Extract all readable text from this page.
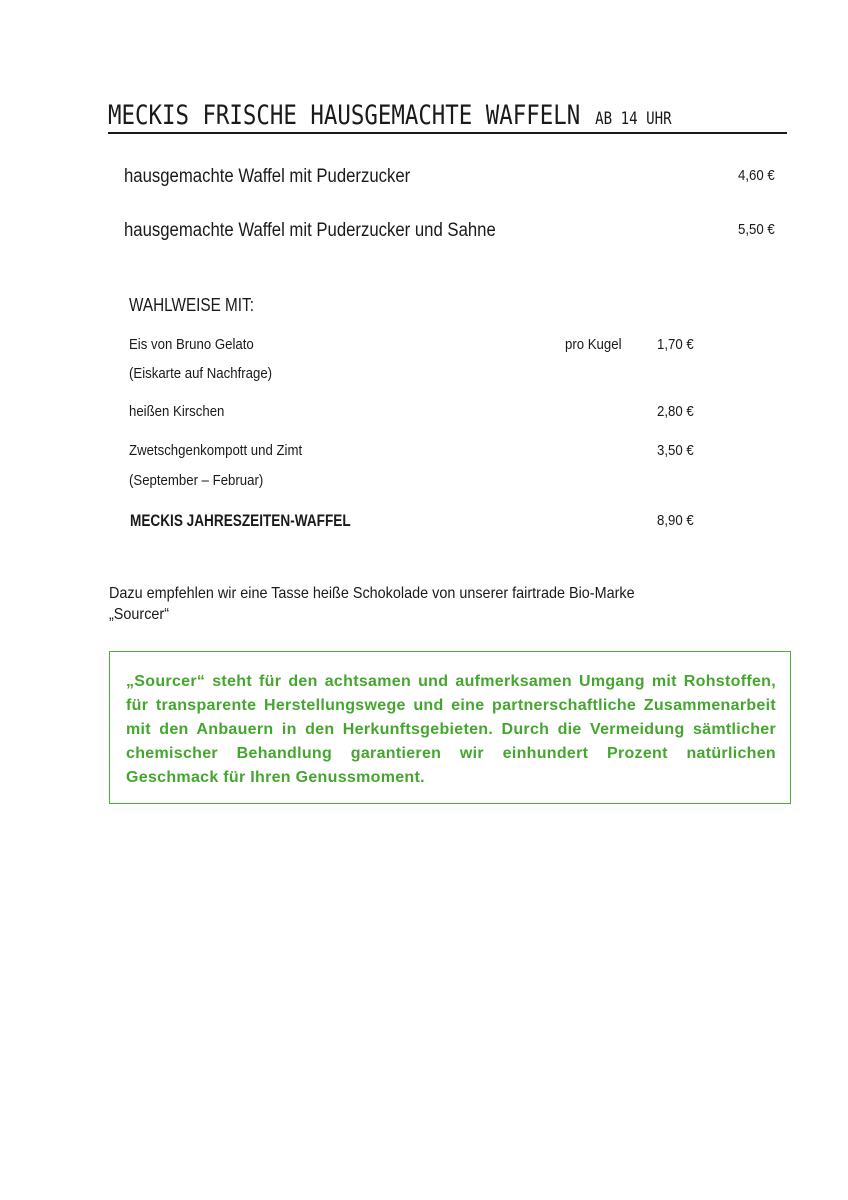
MECKIS FRISCHE HAUSGEMACHTE WAFFELN AB 14 UHR
hausgemachte Waffel mit Puderzucker	4,60 €
hausgemachte Waffel mit Puderzucker und Sahne	5,50 €
WAHLWEISE MIT:
Eis von Bruno Gelato	pro Kugel	1,70 €
(Eiskarte auf Nachfrage)
heißen Kirschen	2,80 €
Zwetschgenkompott und Zimt	3,50 €
(September – Februar)
MECKIS JAHRESZEITEN-WAFFEL	8,90 €
Dazu empfehlen wir eine Tasse heiße Schokolade von unserer fairtrade Bio-Marke
„Sourcer“
„Sourcer“ steht für den achtsamen und aufmerksamen Umgang mit Rohstoffen, für transparente Herstellungswege und eine partnerschaftliche Zusammenarbeit mit den Anbauern in den Herkunftsgebieten. Durch die Vermeidung sämtlicher chemischer Behandlung garantieren wir einhundert Prozent natürlichen Geschmack für Ihren Genussmoment.
